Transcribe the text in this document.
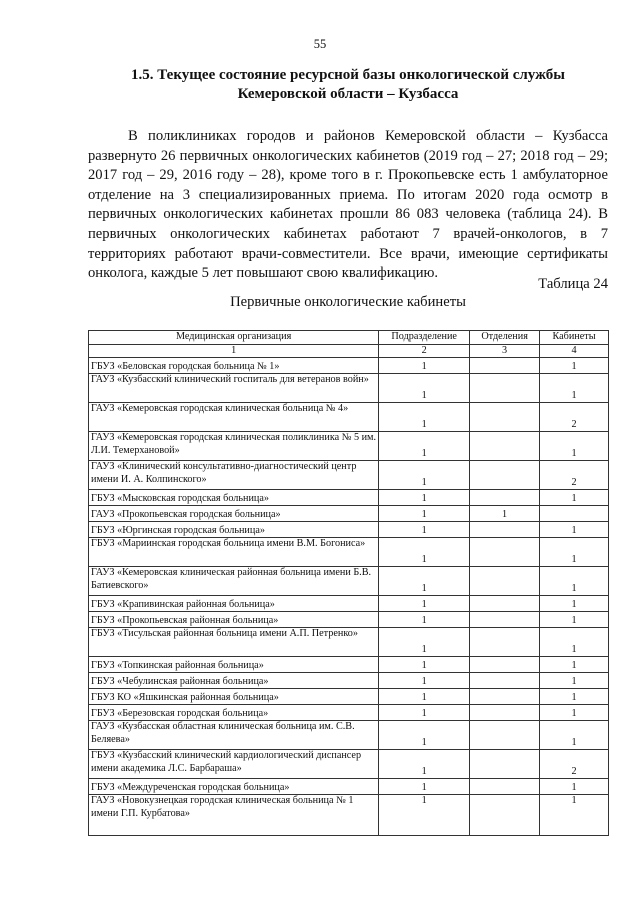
55
1.5. Текущее состояние ресурсной базы онкологической службы
Кемеровской области – Кузбасса
В поликлиниках городов и районов Кемеровской области – Кузбасса развернуто 26 первичных онкологических кабинетов (2019 год – 27; 2018 год – 29; 2017 год – 29, 2016 году – 28), кроме того в г. Прокопьевске есть 1 амбулаторное отделение на 3 специализированных приема. По итогам 2020 года осмотр в первичных онкологических кабинетах прошли 86 083 человека (таблица 24). В первичных онкологических кабинетах работают 7 врачей-онкологов, в 7 территориях работают врачи-совместители. Все врачи, имеющие сертификаты онколога, каждые 5 лет повышают свою квалификацию.
Таблица 24
Первичные онкологические кабинеты
Медицинская организация	Подразделение	Отделения	Кабинеты
1	2	3	4
ГБУЗ «Беловская городская больница № 1»	1		1
ГАУЗ «Кузбасский клинический госпиталь для ветеранов войн»	1		1
ГАУЗ «Кемеровская городская клиническая больница № 4»	1		2
ГАУЗ «Кемеровская городская клиническая поликлиника № 5 им. Л.И. Темерхановой»	1		1
ГАУЗ «Клинический консультативно-диагностический центр имени И. А. Колпинского»	1		2
ГБУЗ «Мысковская городская больница»	1		1
ГАУЗ «Прокопьевская городская больница»	1	1	
ГБУЗ «Юргинская городская больница»	1		1
ГБУЗ «Мариинская городская больница имени В.М. Богониса»	1		1
ГАУЗ «Кемеровская клиническая районная больница имени Б.В. Батиевского»	1		1
ГБУЗ «Крапивинская районная больница»	1		1
ГБУЗ «Прокопьевская районная больница»	1		1
ГБУЗ «Тисульская районная больница имени А.П. Петренко»	1		1
ГБУЗ «Топкинская районная больница»	1		1
ГБУЗ «Чебулинская районная больница»	1		1
ГБУЗ КО «Яшкинская районная больница»	1		1
ГБУЗ «Березовская городская больница»	1		1
ГАУЗ «Кузбасская областная клиническая больница им. С.В. Беляева»	1		1
ГБУЗ «Кузбасский клинический кардиологический диспансер имени академика Л.С. Барбараша»	1		2
ГБУЗ «Междуреченская городская больница»	1		1
ГАУЗ «Новокузнецкая городская клиническая больница № 1 имени Г.П. Курбатова»	1		1
